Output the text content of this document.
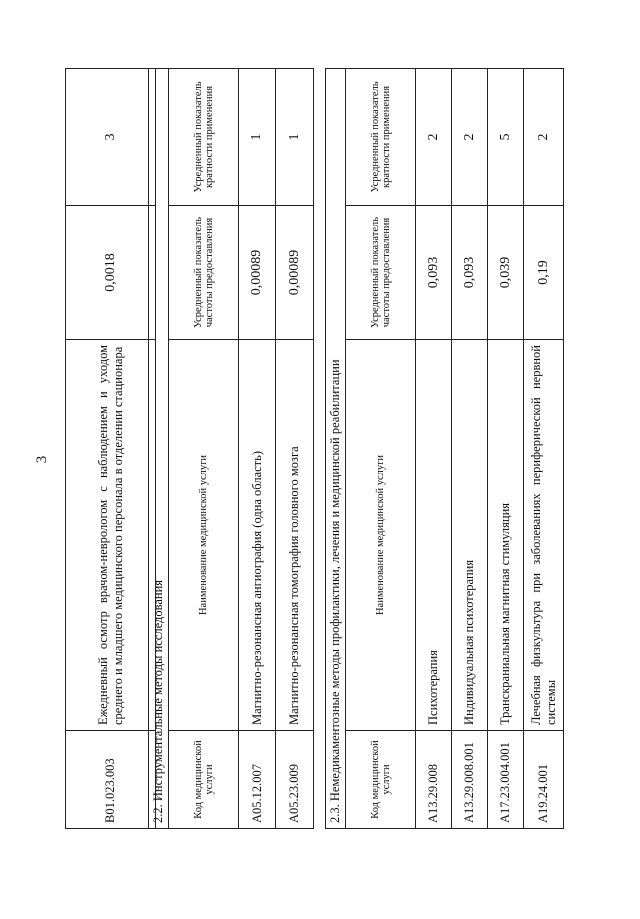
3
B01.023.003	Ежедневный осмотр врачом-неврологом с наблюдением и уходом среднего и младшего медицинского персонала в отделении стационара	0,0018	3
2.2. Инструментальные методы исследования			
Код медицинской услуги	Наименование медицинской услуги	Усредненный показатель частоты предоставления	Усредненный показатель кратности применения
A05.12.007	Магнитно-резонансная ангиография (одна область)	0,00089	1
A05.23.009	Магнитно-резонансная томография головного мозга	0,00089	1
2.3. Немедикаментозные методы профилактики, лечения и медицинской реабилитации			
Код медицинской услуги	Наименование медицинской услуги	Усредненный показатель частоты предоставления	Усредненный показатель кратности применения
A13.29.008	Психотерапия	0,093	2
A13.29.008.001	Индивидуальная психотерапия	0,093	2
A17.23.004.001	Транскраниальная магнитная стимуляция	0,039	5
A19.24.001	Лечебная физкультура при заболеваниях периферической нервной системы	0,19	2
